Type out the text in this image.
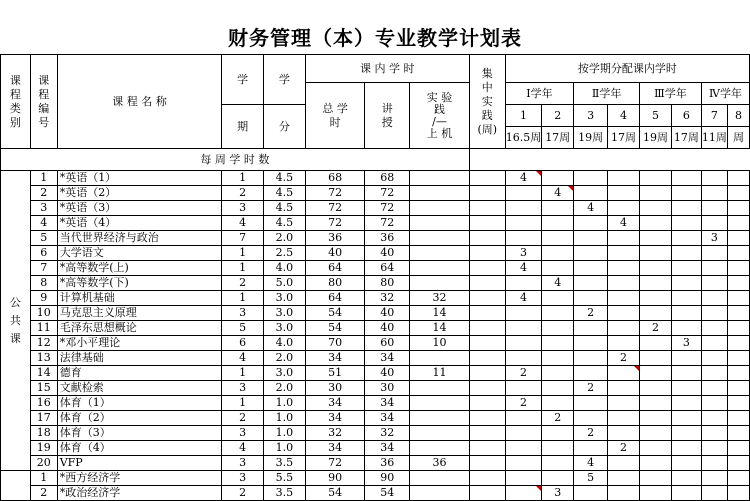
财务管理（本）专业教学计划表
课
程
类
别	课
程
编
号	课 程 名 称	学	学	课 内 学 时			集
中
实
践
(周)	按学期分配课内学时							
					总 学
时	讲
授	实 验
践
/—
上 机		Ⅰ学年		Ⅱ学年		Ⅲ学年		Ⅳ学年	
			期	分					1	2	3	4	5	6	7	8
									16.5周	17周	19周	17周	19周	17周	11周	周
每 周 学 时 数																
公
共
课	1	*英语（1）	1	4.5	68	68			4							
	2	*英语（2）	2	4.5	72	72				4						
	3	*英语（3）	3	4.5	72	72					4					
	4	*英语（4）	4	4.5	72	72						4				
	5	当代世界经济与政治	7	2.0	36	36									3	
	6	大学语文	1	2.5	40	40			3							
	7	*高等数学(上)	1	4.0	64	64			4							
	8	*高等数学(下)	2	5.0	80	80				4						
	9	计算机基础	1	3.0	64	32	32		4							
	10	马克思主义原理	3	3.0	54	40	14				2					
	11	毛泽东思想概论	5	3.0	54	40	14						2			
	12	*邓小平理论	6	4.0	70	60	10							3		
	13	法律基础	4	2.0	34	34						2				
	14	德育	1	3.0	51	40	11		2							
	15	文献检索	3	2.0	30	30					2					
	16	体育（1）	1	1.0	34	34			2							
	17	体育（2）	2	1.0	34	34				2						
	18	体育（3）	3	1.0	32	32					2					
	19	体育（4）	4	1.0	34	34						2				
	20	VFP	3	3.5	72	36	36				4					
	1	*西方经济学	3	5.5	90	90					5					
	2	*政治经济学	2	3.5	54	54				3						
